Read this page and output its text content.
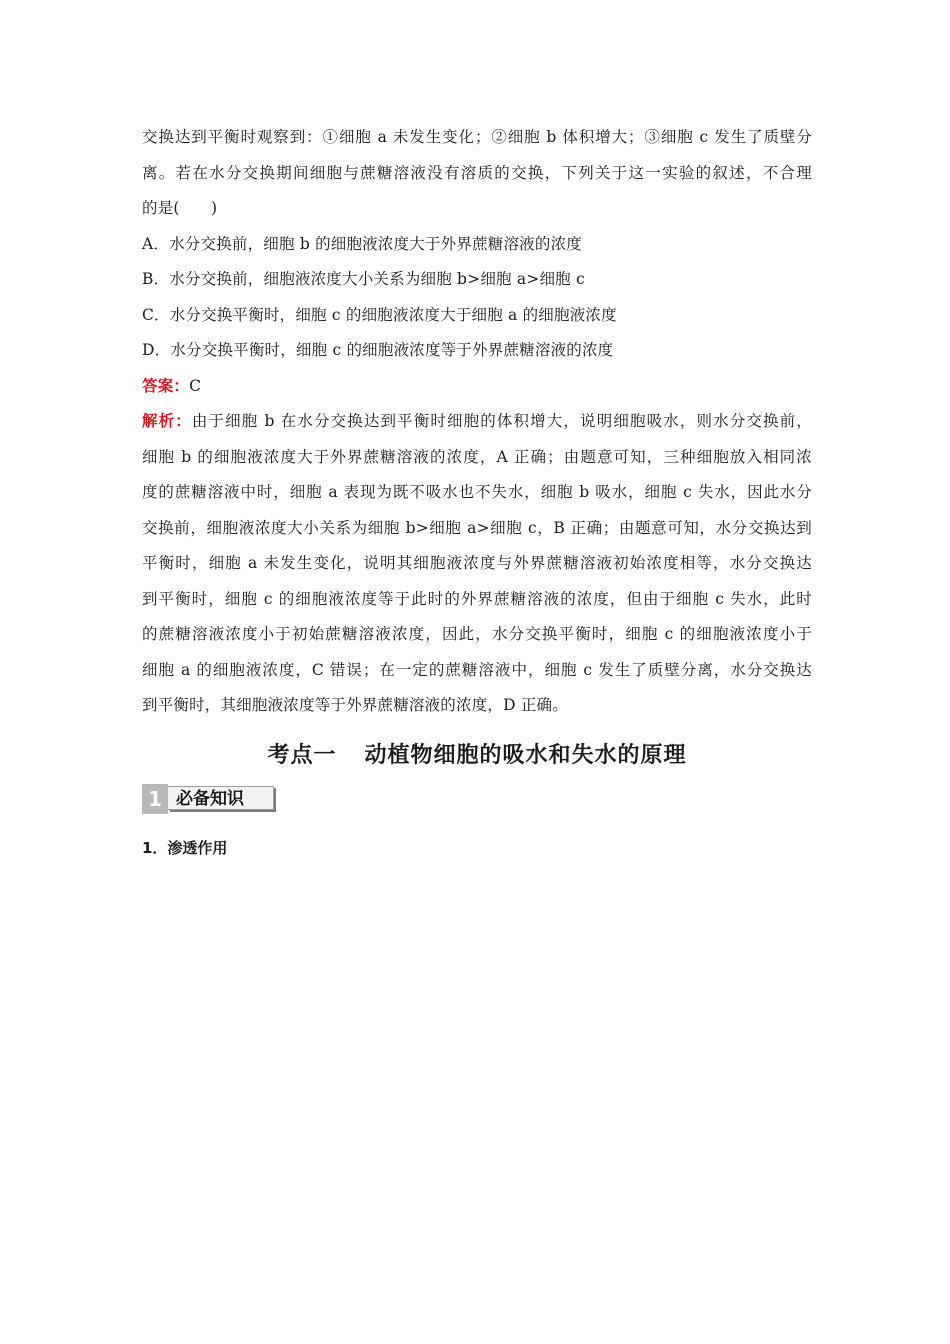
交换达到平衡时观察到：①细胞 a 未发生变化；②细胞 b 体积增大；③细胞 c 发生了质壁分
离。若在水分交换期间细胞与蔗糖溶液没有溶质的交换，下列关于这一实验的叙述，不合理
的是(　　)
A．水分交换前，细胞 b 的细胞液浓度大于外界蔗糖溶液的浓度
B．水分交换前，细胞液浓度大小关系为细胞 b>细胞 a>细胞 c
C．水分交换平衡时，细胞 c 的细胞液浓度大于细胞 a 的细胞液浓度
D．水分交换平衡时，细胞 c 的细胞液浓度等于外界蔗糖溶液的浓度
答案：C
解析：由于细胞 b 在水分交换达到平衡时细胞的体积增大，说明细胞吸水，则水分交换前，
细胞 b 的细胞液浓度大于外界蔗糖溶液的浓度，A 正确；由题意可知，三种细胞放入相同浓
度的蔗糖溶液中时，细胞 a 表现为既不吸水也不失水，细胞 b 吸水，细胞 c 失水，因此水分
交换前，细胞液浓度大小关系为细胞 b>细胞 a>细胞 c，B 正确；由题意可知，水分交换达到
平衡时，细胞 a 未发生变化，说明其细胞液浓度与外界蔗糖溶液初始浓度相等，水分交换达
到平衡时，细胞 c 的细胞液浓度等于此时的外界蔗糖溶液的浓度，但由于细胞 c 失水，此时
的蔗糖溶液浓度小于初始蔗糖溶液浓度，因此，水分交换平衡时，细胞 c 的细胞液浓度小于
细胞 a 的细胞液浓度，C 错误；在一定的蔗糖溶液中，细胞 c 发生了质壁分离，水分交换达
到平衡时，其细胞液浓度等于外界蔗糖溶液的浓度，D 正确。
考点一 动植物细胞的吸水和失水的原理
1 必备知识
1．渗透作用
